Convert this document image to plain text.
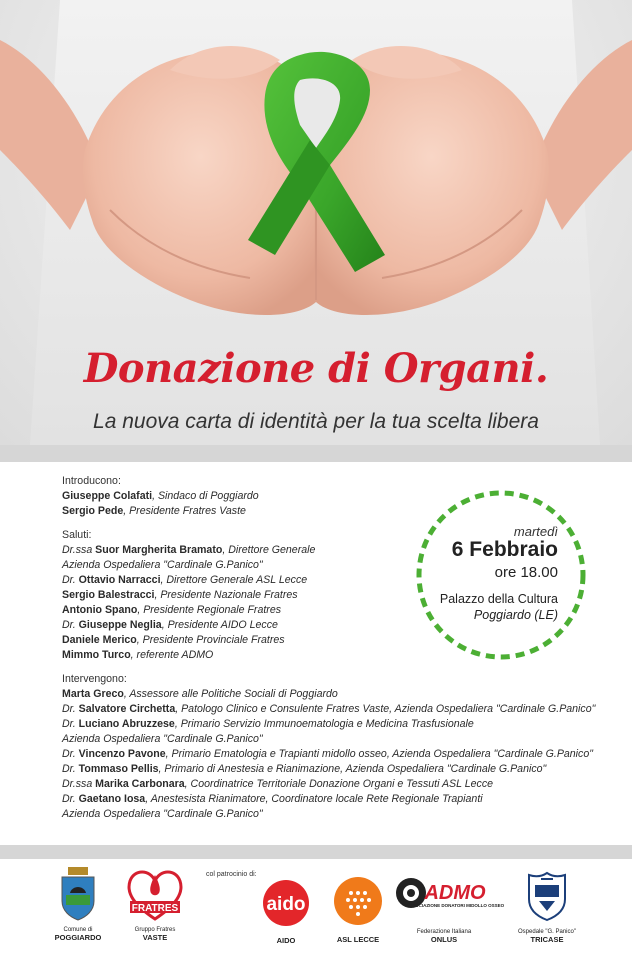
Donazione di Organi.
La nuova carta di identità per la tua scelta libera
Introducono:
Giuseppe Colafati, Sindaco di Poggiardo
Sergio Pede, Presidente Fratres Vaste
Saluti:
Dr.ssa Suor Margherita Bramato, Direttore Generale
Azienda Ospedaliera "Cardinale G.Panico"
Dr. Ottavio Narracci, Direttore Generale ASL Lecce
Sergio Balestracci, Presidente Nazionale Fratres
Antonio Spano, Presidente Regionale Fratres
Dr. Giuseppe Neglia, Presidente AIDO Lecce
Daniele Merico, Presidente Provinciale Fratres
Mimmo Turco, referente ADMO
Intervengono:
Marta Greco, Assessore alle Politiche Sociali di Poggiardo
Dr. Salvatore Circhetta, Patologo Clinico e Consulente Fratres Vaste, Azienda Ospedaliera "Cardinale G.Panico"
Dr. Luciano Abruzzese, Primario Servizio Immunoematologia e Medicina Trasfusionale
Azienda Ospedaliera "Cardinale G.Panico"
Dr. Vincenzo Pavone, Primario Ematologia e Trapianti midollo osseo, Azienda Ospedaliera "Cardinale G.Panico"
Dr. Tommaso Pellis, Primario di Anestesia e Rianimazione, Azienda Ospedaliera "Cardinale G.Panico"
Dr.ssa Marika Carbonara, Coordinatrice Territoriale Donazione Organi e Tessuti ASL Lecce
Dr. Gaetano Iosa, Anestesista Rianimatore, Coordinatore locale Rete Regionale Trapianti
Azienda Ospedaliera "Cardinale G.Panico"
martedì
6 Febbraio
ore 18.00
Palazzo della Cultura
Poggiardo (LE)
col patrocinio di:
Comune di
POGGIARDO
FRATRES
Gruppo Fratres
VASTE
aido
AIDO	ASL LECCE
ADMO
ASSOCIAZIONE DONATORI MIDOLLO OSSEO
Federazione Italiana
ONLUS
Ospedale "G. Panico"
TRICASE
